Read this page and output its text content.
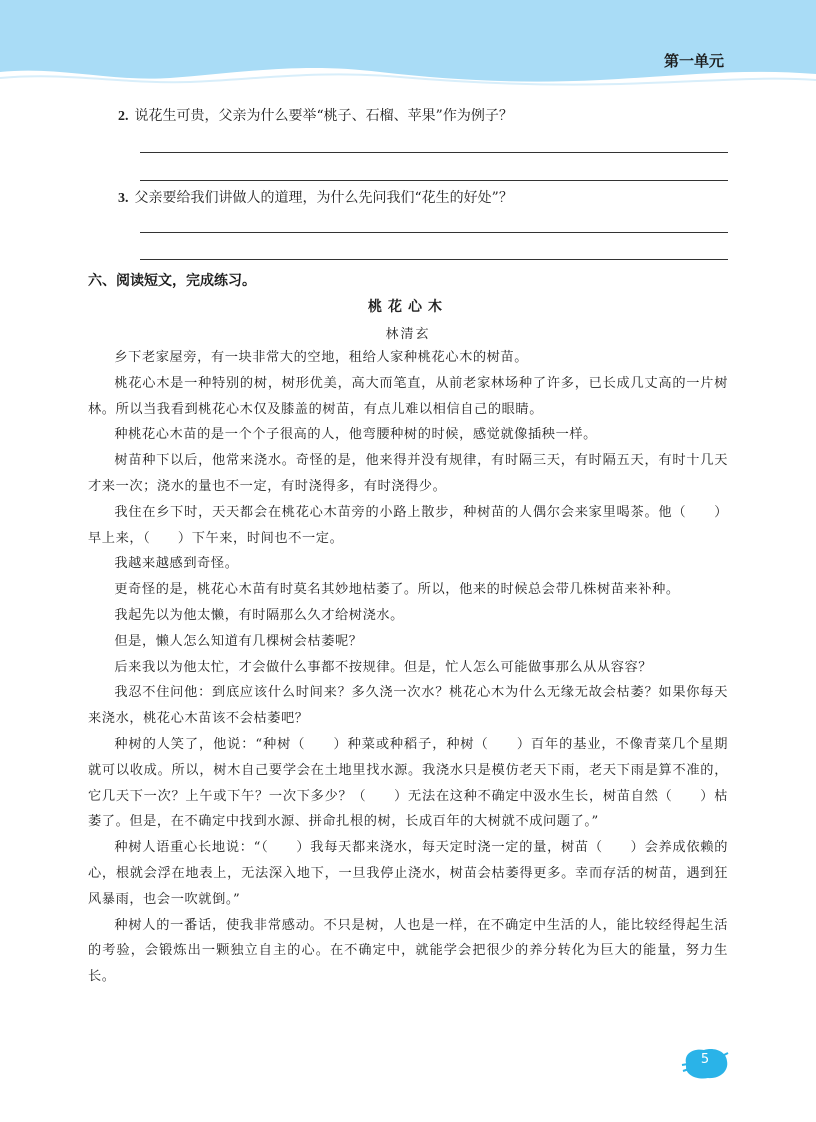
第一单元
2. 说花生可贵，父亲为什么要举“桃子、石榴、苹果”作为例子？
3. 父亲要给我们讲做人的道理，为什么先问我们“花生的好处”？
六、阅读短文，完成练习。
桃花心木
林清玄

乡下老家屋旁，有一块非常大的空地，租给人家种桃花心木的树苗。

桃花心木是一种特别的树，树形优美，高大而笔直，从前老家林场种了许多，已长成几丈高的一片树林。所以当我看到桃花心木仅及膝盖的树苗，有点儿难以相信自己的眼睛。

种桃花心木苗的是一个个子很高的人，他弯腰种树的时候，感觉就像插秧一样。

树苗种下以后，他常来浇水。奇怪的是，他来得并没有规律，有时隔三天，有时隔五天，有时十几天才来一次；浇水的量也不一定，有时浇得多，有时浇得少。

我住在乡下时，天天都会在桃花心木苗旁的小路上散步，种树苗的人偶尔会来家里喝茶。他（　　）早上来，（　　）下午来，时间也不一定。

我越来越感到奇怪。

更奇怪的是，桃花心木苗有时莫名其妙地枯萎了。所以，他来的时候总会带几株树苗来补种。

我起先以为他太懒，有时隔那么久才给树浇水。

但是，懒人怎么知道有几棵树会枯萎呢？

后来我以为他太忙，才会做什么事都不按规律。但是，忙人怎么可能做事那么从从容容？

我忍不住问他：到底应该什么时间来？多久浇一次水？桃花心木为什么无缘无故会枯萎？如果你每天来浇水，桃花心木苗该不会枯萎吧？

种树的人笑了，他说：“种树（　　）种菜或种稻子，种树（　　）百年的基业，不像青菜几个星期就可以收成。所以，树木自己要学会在土地里找水源。我浇水只是模仿老天下雨，老天下雨是算不准的，它几天下一次？上午或下午？一次下多少？（　　）无法在这种不确定中汲水生长，树苗自然（　　）枯萎了。但是，在不确定中找到水源、拼命扎根的树，长成百年的大树就不成问题了。”

种树人语重心长地说：“（　　）我每天都来浇水，每天定时浇一定的量，树苗（　　）会养成依赖的心，根就会浮在地表上，无法深入地下，一旦我停止浇水，树苗会枯萎得更多。幸而存活的树苗，遇到狂风暴雨，也会一吹就倒。”

种树人的一番话，使我非常感动。不只是树，人也是一样，在不确定中生活的人，能比较经得起生活的考验，会锻炼出一颗独立自主的心。在不确定中，就能学会把很少的养分转化为巨大的能量，努力生长。

5
